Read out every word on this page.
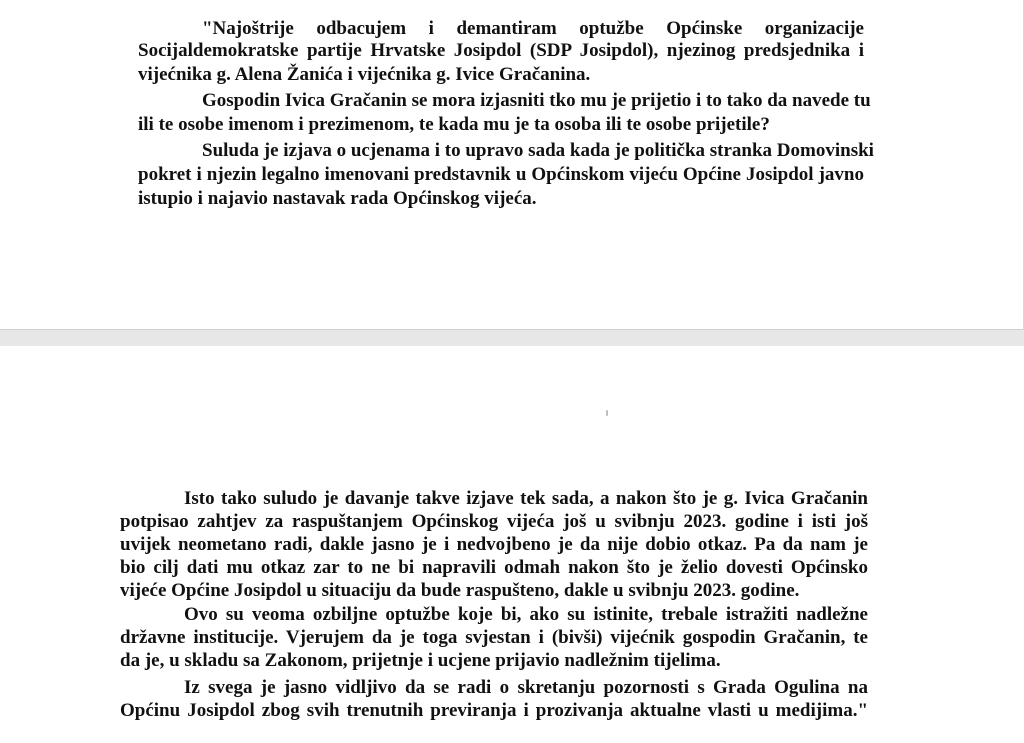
"Najoštrije odbacujem i demantiram optužbe Općinske organizacije

Socijaldemokratske partije Hrvatske Josipdol (SDP Josipdol), njezinog predsjednika i

vijećnika g. Alena Žanića i vijećnika g. Ivice Gračanina.

Gospodin Ivica Gračanin se mora izjasniti tko mu je prijetio i to tako da navede tu

ili te osobe imenom i prezimenom, te kada mu je ta osoba ili te osobe prijetile?

Suluda je izjava o ucjenama i to upravo sada kada je politička stranka Domovinski

pokret i njezin legalno imenovani predstavnik u Općinskom vijeću Općine Josipdol javno

istupio i najavio nastavak rada Općinskog vijeća.

Isto tako suludo je davanje takve izjave tek sada, a nakon što je g. Ivica Gračanin

potpisao zahtjev za raspuštanjem Općinskog vijeća još u svibnju 2023. godine i isti još

uvijek neometano radi, dakle jasno je i nedvojbeno je da nije dobio otkaz. Pa da nam je

bio cilj dati mu otkaz zar to ne bi napravili odmah nakon što je želio dovesti Općinsko

vijeće Općine Josipdol u situaciju da bude raspušteno, dakle u svibnju 2023. godine.

Ovo su veoma ozbiljne optužbe koje bi, ako su istinite, trebale istražiti nadležne

državne institucije. Vjerujem da je toga svjestan i (bivši) vijećnik gospodin Gračanin, te

da je, u skladu sa Zakonom, prijetnje i ucjene prijavio nadležnim tijelima.

Iz svega je jasno vidljivo da se radi o skretanju pozornosti s Grada Ogulina na

Općinu Josipdol zbog svih trenutnih previranja i prozivanja aktualne vlasti u medijima."
